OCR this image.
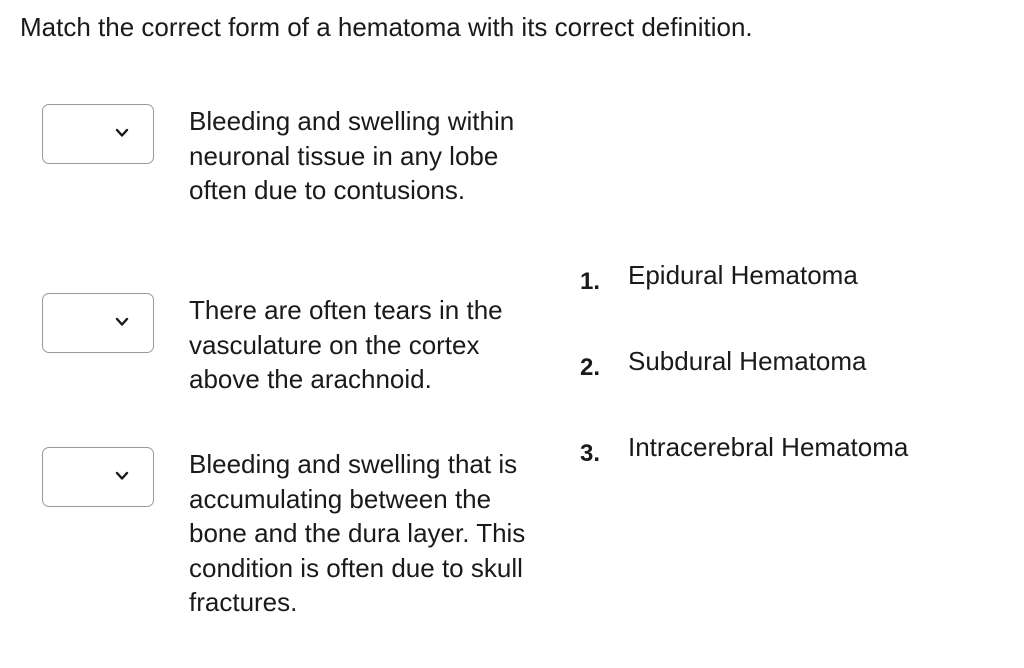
Match the correct form of a hematoma with its correct definition.
Bleeding and swelling within neuronal tissue in any lobe often due to contusions.
There are often tears in the vasculature on the cortex above the arachnoid.
Bleeding and swelling that is accumulating between the bone and the dura layer. This condition is often due to skull fractures.
1. Epidural Hematoma
2. Subdural Hematoma
3. Intracerebral Hematoma
